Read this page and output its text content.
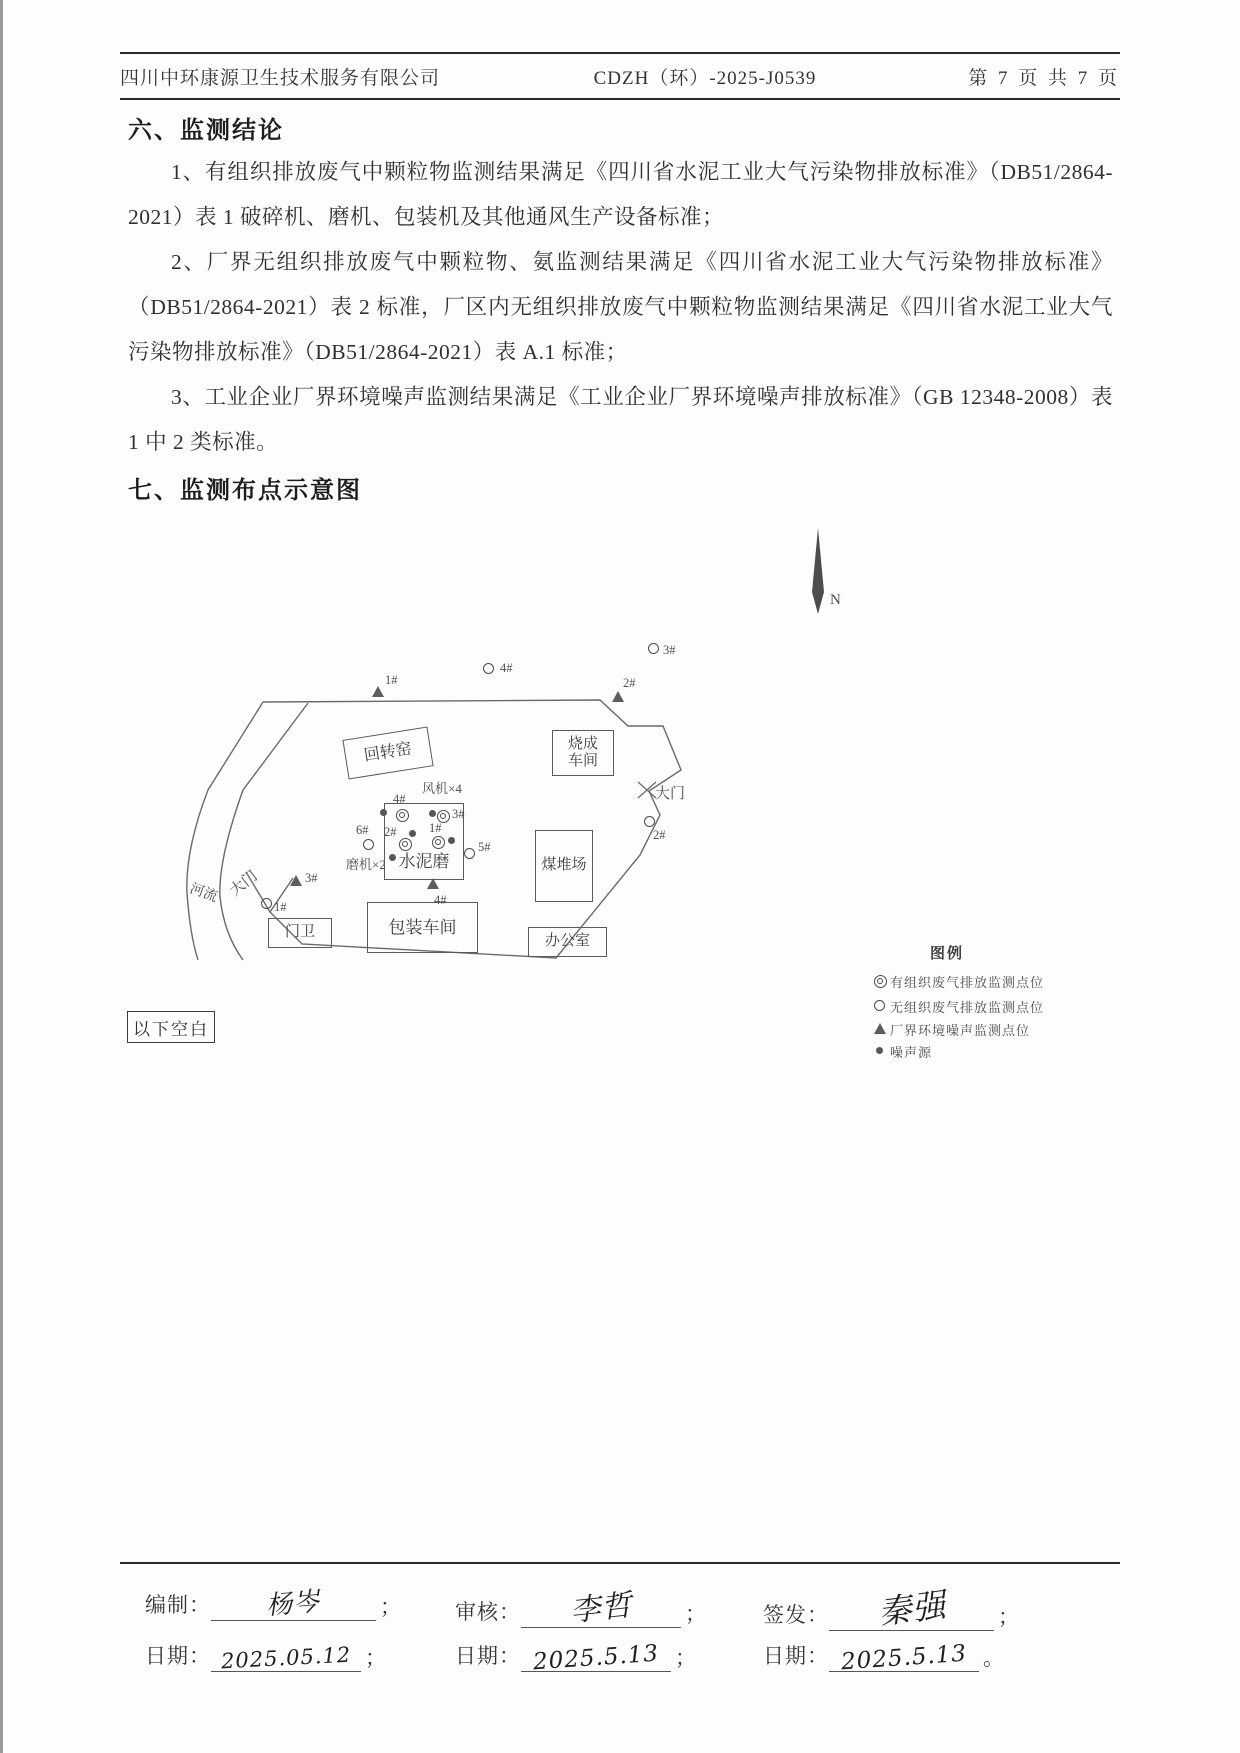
四川中环康源卫生技术服务有限公司	CDZH（环）-2025-J0539	第 7 页 共 7 页
六、监测结论

1、有组织排放废气中颗粒物监测结果满足《四川省水泥工业大气污染物排放标准》（DB51/2864-2021）表 1 破碎机、磨机、包装机及其他通风生产设备标准；

2、厂界无组织排放废气中颗粒物、氨监测结果满足《四川省水泥工业大气污染物排放标准》（DB51/2864-2021）表 2 标准，厂区内无组织排放废气中颗粒物监测结果满足《四川省水泥工业大气污染物排放标准》（DB51/2864-2021）表 A.1 标准；

3、工业企业厂界环境噪声监测结果满足《工业企业厂界环境噪声排放标准》（GB 12348-2008）表 1 中 2 类标准。

七、监测布点示意图
N
回转窑	烧成车间
水泥磨	煤堆场
包装车间
门卫
办公室
风机×4
磨机×2
河流
大门
大门
4#
3#
2#	1#
4#
3#
6#
5#
2#
1#
1#	2#
3#
4#
图例
有组织废气排放监测点位
无组织废气排放监测点位
厂界环境噪声监测点位
噪声源
以下空白
编制： 杨岑	；
日期： 2025.05.12 ；
审核： 李哲 ；
日期： 2025.5.13 ；
签发： 秦强 ；
日期： 2025.5.13 。
